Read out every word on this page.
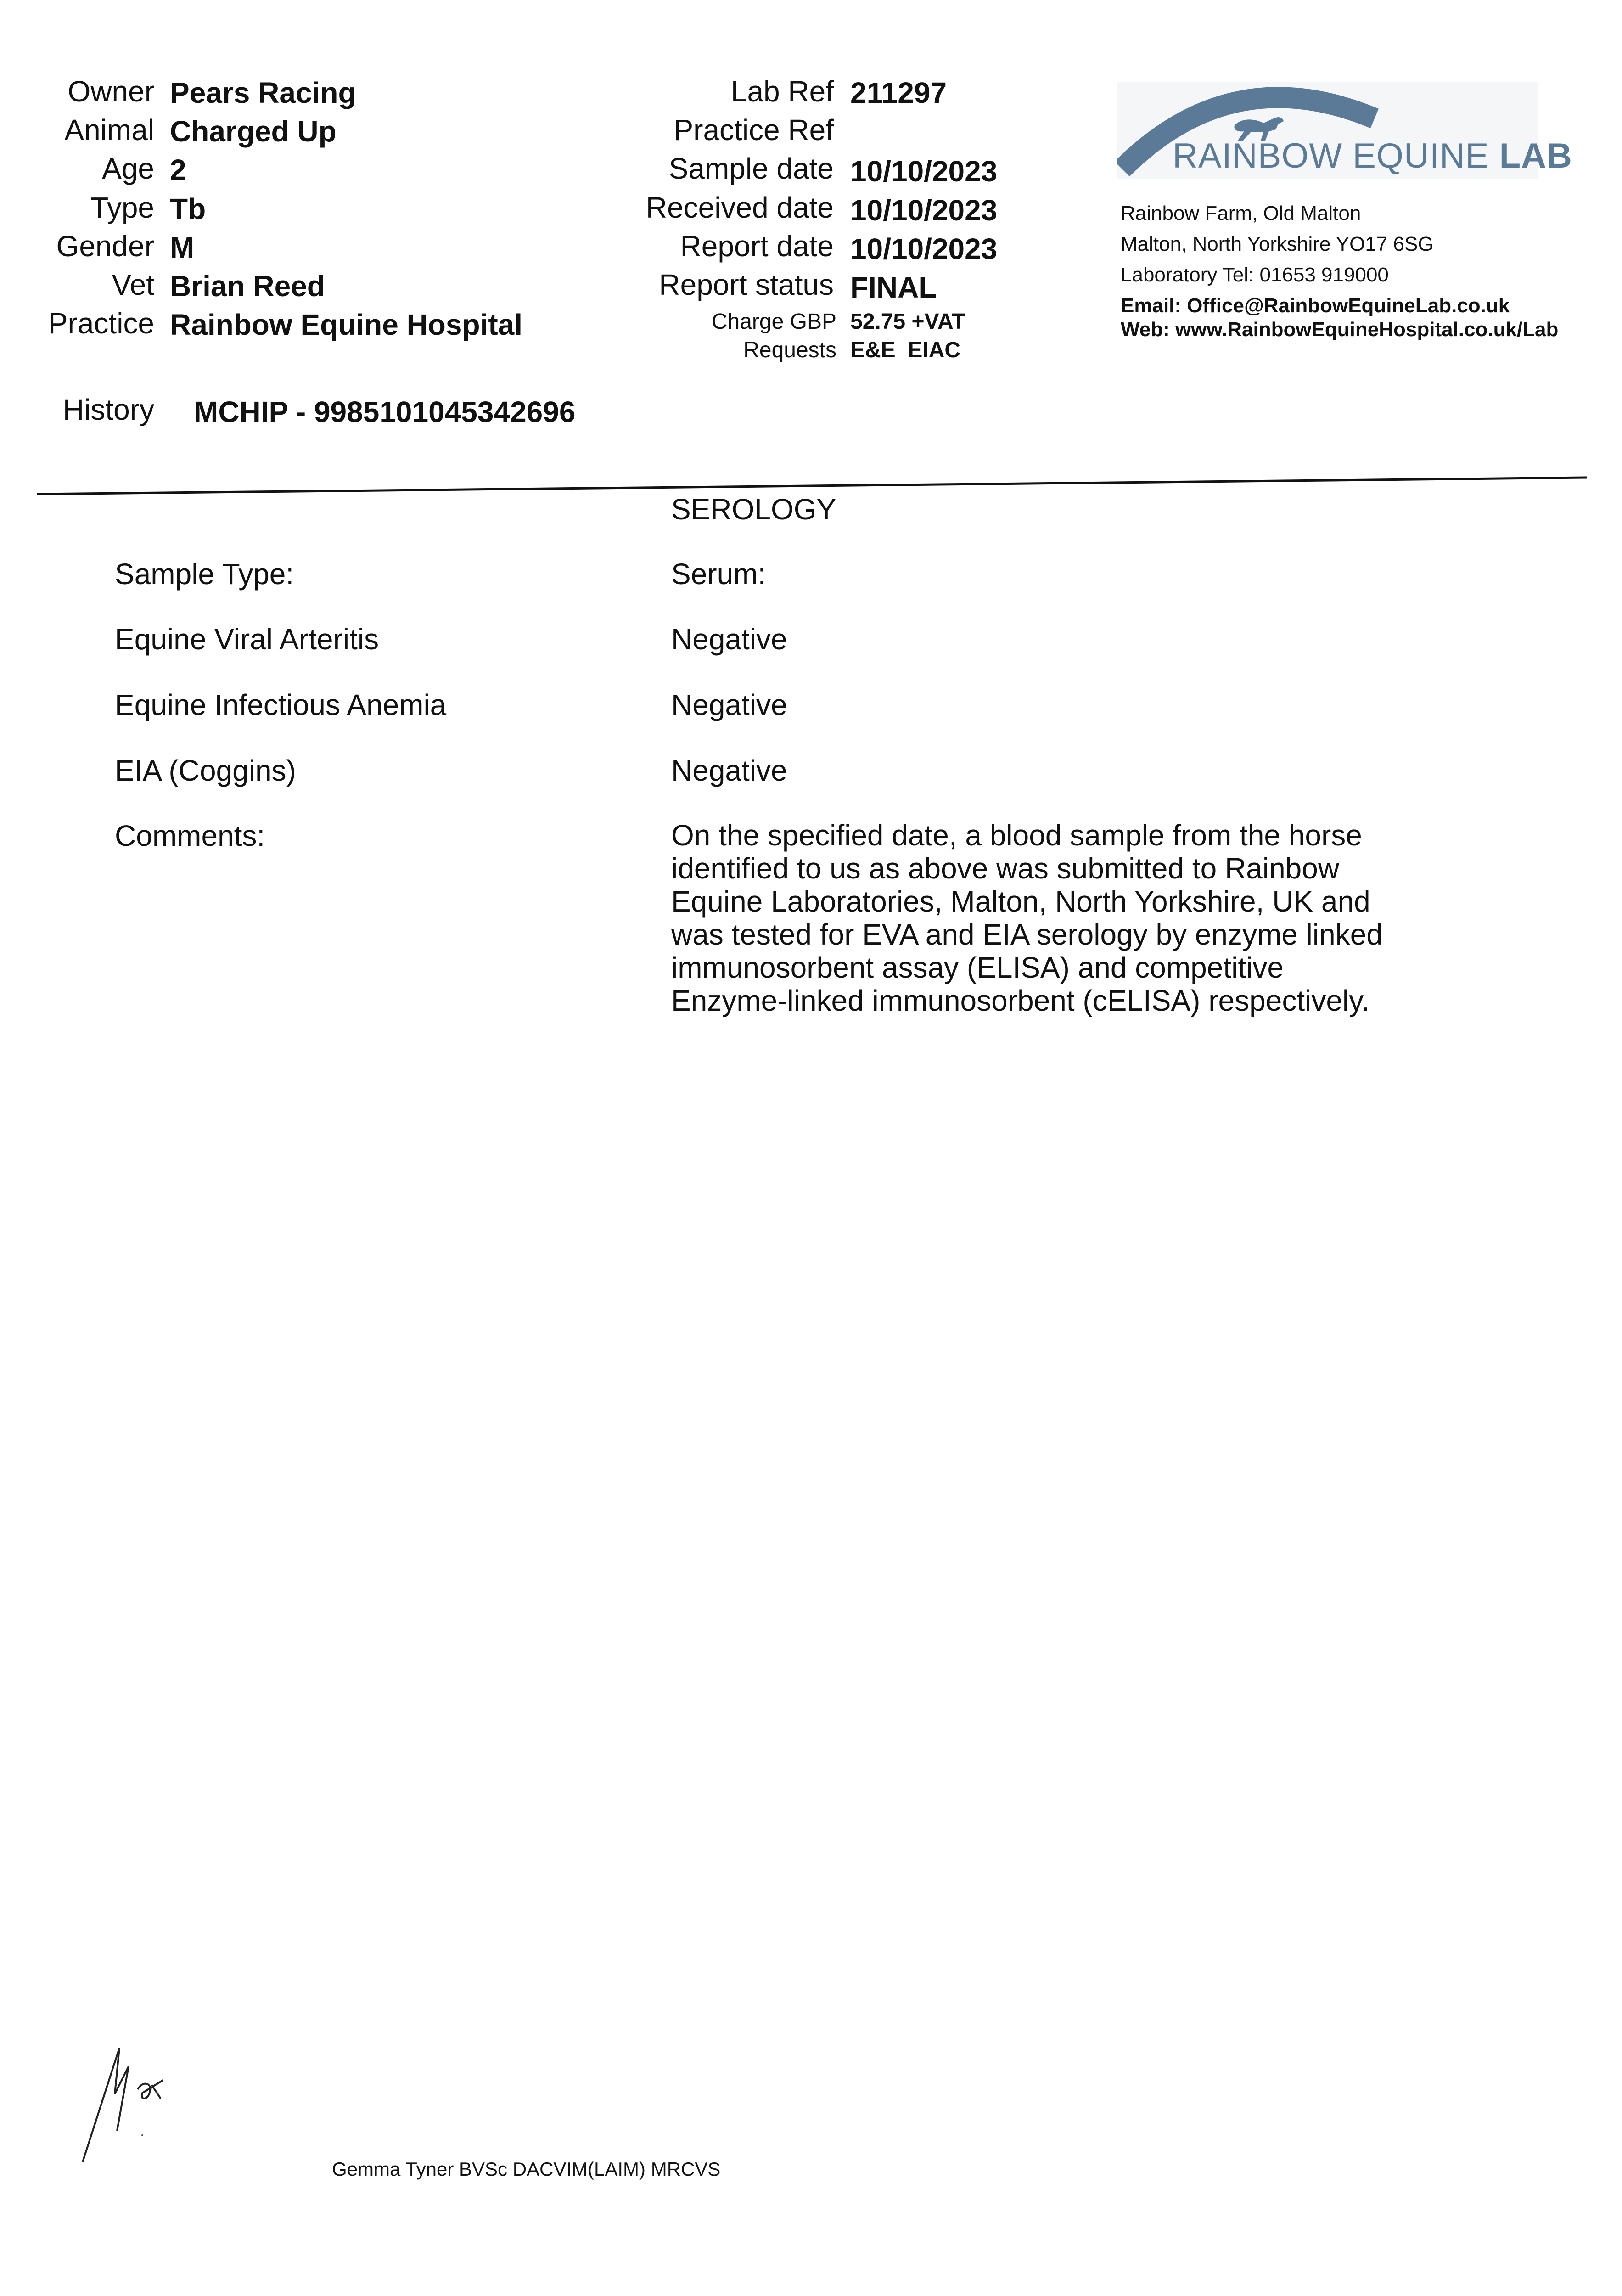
Owner Pears Racing
Animal Charged Up
Age 2
Type Tb
Gender M
Vet Brian Reed
Practice Rainbow Equine Hospital
History MCHIP - 9985101045342696
Lab Ref 211297
Practice Ref
Sample date 10/10/2023
Received date 10/10/2023
Report date 10/10/2023
Report status FINAL
Charge GBP 52.75 +VAT
Requests E&E  EIAC
RAINBOW EQUINE LAB
Rainbow Farm, Old Malton
Malton, North Yorkshire YO17 6SG
Laboratory Tel: 01653 919000
Email: Office@RainbowEquineLab.co.uk
Web: www.RainbowEquineHospital.co.uk/Lab
SEROLOGY
Sample Type:	Serum:
Equine Viral Arteritis	Negative
Equine Infectious Anemia	Negative
EIA (Coggins)	Negative
Comments:	On the specified date, a blood sample from the horse identified to us as above was submitted to Rainbow Equine Laboratories, Malton, North Yorkshire, UK and was tested for EVA and EIA serology by enzyme linked immunosorbent assay (ELISA) and competitive Enzyme-linked immunosorbent (cELISA) respectively.
Gemma Tyner BVSc DACVIM(LAIM) MRCVS
